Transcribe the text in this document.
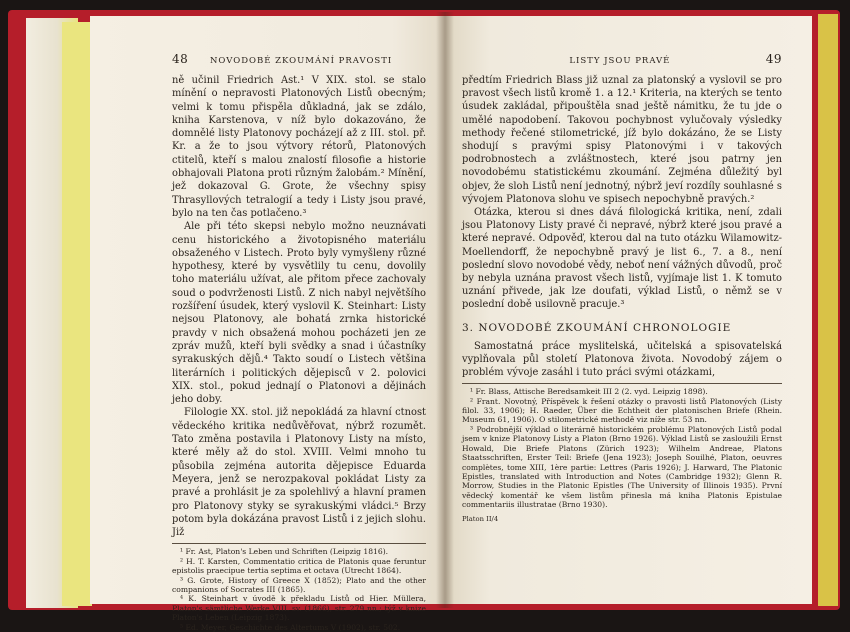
48	NOVODOBÉ ZKOUMÁNÍ PRAVOSTI

ně učinil Friedrich Ast.¹ V XIX. stol. se stalo mínění o nepravosti Platonových Listů obecným; velmi k tomu přispěla důkladná, jak se zdálo, kniha Karstenova, v níž bylo dokazováno, že domnělé listy Platonovy pocházejí až z III. stol. př. Kr. a že to jsou výtvory rétorů, Platonových ctitelů, kteří s malou znalostí filosofie a historie obhajovali Platona proti různým žalobám.² Mínění, jež dokazoval G. Grote, že všechny spisy Thrasyllových tetralogií a tedy i Listy jsou pravé, bylo na ten čas potlačeno.³

Ale při této skepsi nebylo možno neuznávati cenu historického a životopisného materiálu obsaženého v Listech. Proto byly vymyšleny různé hypothesy, které by vysvětlily tu cenu, dovolily toho materiálu užívat, ale přitom přece zachovaly soud o podvrženosti Listů. Z nich nabyl největšího rozšíření úsudek, který vyslovil K. Steinhart: Listy nejsou Platonovy, ale bohatá zrnka historické pravdy v nich obsažená mohou pocházeti jen ze zpráv mužů, kteří byli svědky a snad i účastníky syrakuských dějů.⁴ Takto soudí o Listech většina literárních i politických dějepisců v 2. polovici XIX. stol., pokud jednají o Platonovi a dějinách jeho doby.

Filologie XX. stol. již nepokládá za hlavní ctnost vědeckého kritika nedůvěřovat, nýbrž rozumět. Tato změna postavila i Platonovy Listy na místo, které měly až do stol. XVIII. Velmi mnoho tu působila zejména autorita dějepisce Eduarda Meyera, jenž se nerozpakoval pokládat Listy za pravé a prohlásit je za spolehlivý a hlavní pramen pro Platonovy styky se syrakuskými vládci.⁵ Brzy potom byla dokázána pravost Listů i z jejich slohu. Již

¹ Fr. Ast, Platon's Leben und Schriften (Leipzig 1816).

² H. T. Karsten, Commentatio critica de Platonis quae feruntur epistolis praecipue tertia septima et octava (Utrecht 1864).

³ G. Grote, History of Greece X (1852); Plato and the other companions of Socrates III (1865).

⁴ K. Steinhart v úvodě k překladu Listů od Hier. Müllera, Platon's sämtliche Werke VIII. sv. (1866), str. 279 nn.; týž v knize Platon's Leben (Leipzig 1873).

⁵ Ed. Meyer, Geschichte des Altertums V (1902), str. 502.

LISTY JSOU PRAVÉ	49

předtím Friedrich Blass již uznal za platonský a vyslovil se pro pravost všech listů kromě 1. a 12.¹ Kriteria, na kterých se tento úsudek zakládal, připouštěla snad ještě námitku, že tu jde o umělé napodobení. Takovou pochybnost vylučovaly výsledky methody řečené stilometrické, jíž bylo dokázáno, že se Listy shodují s pravými spisy Platonovými i v takových podrobnostech a zvláštnostech, které jsou patrny jen novodobému statistickému zkoumání. Zejména důležitý byl objev, že sloh Listů není jednotný, nýbrž jeví rozdíly souhlasné s vývojem Platonova slohu ve spisech nepochybně pravých.²

Otázka, kterou si dnes dává filologická kritika, není, zdali jsou Platonovy Listy pravé či nepravé, nýbrž které jsou pravé a které nepravé. Odpověď, kterou dal na tuto otázku Wilamowitz-Moellendorff, že nepochybně pravý je list 6., 7. a 8., není poslední slovo novodobé vědy, neboť není vážných důvodů, proč by nebyla uznána pravost všech listů, vyjímaje list 1. K tomuto uznání přivede, jak lze doufati, výklad Listů, o němž se v poslední době usilovně pracuje.³

3. NOVODOBÉ ZKOUMÁNÍ CHRONOLOGIE

Samostatná práce myslitelská, učitelská a spisovatelská vyplňovala půl století Platonova života. Novodobý zájem o problém vývoje zasáhl i tuto práci svými otázkami,

¹ Fr. Blass, Attische Beredsamkeit III 2 (2. vyd. Leipzig 1898).

² Frant. Novotný, Příspěvek k řešení otázky o pravosti listů Platonových (Listy filol. 33, 1906); H. Raeder, Über die Echtheit der platonischen Briefe (Rhein. Museum 61, 1906). O stilometrické methodě viz níže str. 53 nn.

³ Podrobnější výklad o literárně historickém problému Platonových Listů podal jsem v knize Platonovy Listy a Platon (Brno 1926). Výklad Listů se zasloužili Ernst Howald, Die Briefe Platons (Zürich 1923); Wilhelm Andreae, Platons Staatsschriften, Erster Teil: Briefe (Jena 1923); Joseph Souilhé, Platon, oeuvres complètes, tome XIII, 1ère partie: Lettres (Paris 1926); J. Harward, The Platonic Epistles, translated with Introduction and Notes (Cambridge 1932); Glenn R. Morrow, Studies in the Platonic Epistles (The University of Illinois 1935). První vědecký komentář ke všem listům přinesla má kniha Platonis Epistulae commentariis illustratae (Brno 1930).

Platon II/4
